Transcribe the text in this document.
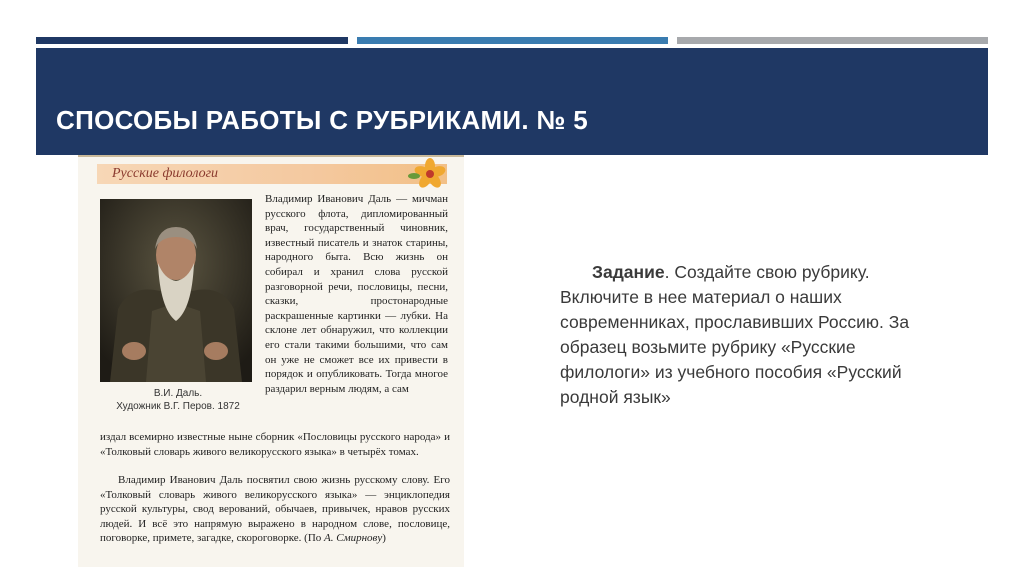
СПОСОБЫ РАБОТЫ С РУБРИКАМИ. № 5
Русские филологи
В.И. Даль.
Художник В.Г. Перов. 1872

Владимир Иванович Даль — мичман русского флота, дипломированный врач, государственный чиновник, известный писатель и знаток старины, народного быта. Всю жизнь он собирал и хранил слова русской разговорной речи, пословицы, песни, сказки, простонародные раскрашенные картинки — лубки. На склоне лет обнаружил, что коллекции его стали такими большими, что сам он уже не сможет все их привести в порядок и опубликовать. Тогда многое раздарил верным людям, а сам

издал всемирно известные ныне сборник «Пословицы русского народа» и «Толковый словарь живого великорусского языка» в четырёх томах.

Владимир Иванович Даль посвятил свою жизнь русскому слову. Его «Толковый словарь живого великорусского языка» — энциклопедия русской культуры, свод верований, обычаев, привычек, нравов русских людей. И всё это напрямую выражено в народном слове, пословице, поговорке, примете, загадке, скороговорке. (По А. Смирнову)

Задание. Создайте свою рубрику. Включите в нее материал о наших современниках, прославивших Россию. За образец возьмите рубрику «Русские филологи» из учебного пособия «Русский родной язык»
